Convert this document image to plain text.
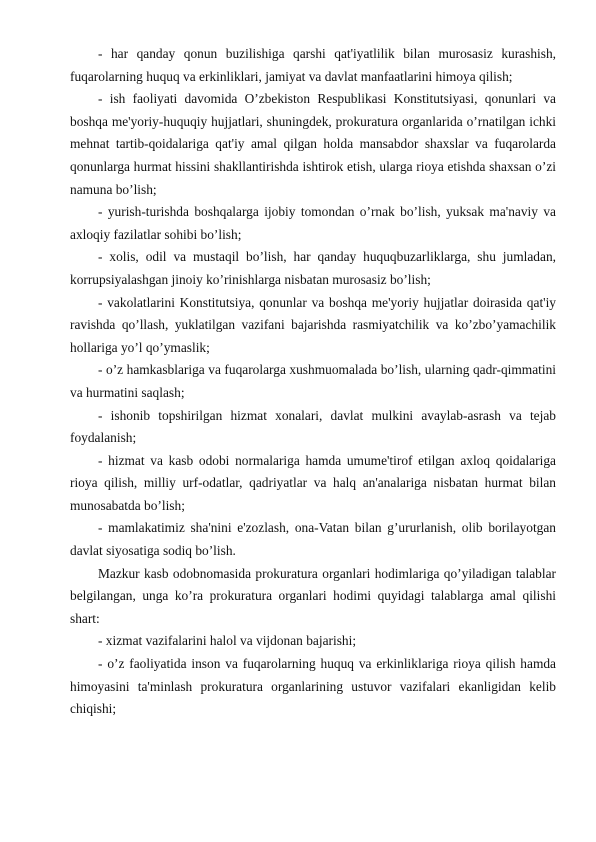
- har qanday qonun buzilishiga qarshi qat'iyatlilik bilan murosasiz kurashish, fuqarolarning huquq va erkinliklari, jamiyat va davlat manfaatlarini himoya qilish;

- ish faoliyati davomida O’zbekiston Respublikasi Konstitutsiyasi, qonunlari va boshqa me'yoriy-huquqiy hujjatlari, shuningdek, prokuratura organlarida o’rnatilgan ichki mehnat tartib-qoidalariga qat'iy amal qilgan holda mansabdor shaxslar va fuqarolarda qonunlarga hurmat hissini shakllantirishda ishtirok etish, ularga rioya etishda shaxsan o’zi namuna bo’lish;

- yurish-turishda boshqalarga ijobiy tomondan o’rnak bo’lish, yuksak ma'naviy va axloqiy fazilatlar sohibi bo’lish;

- xolis, odil va mustaqil bo’lish, har qanday huquqbuzarliklarga, shu jumladan, korrupsiyalashgan jinoiy ko’rinishlarga nisbatan murosasiz bo’lish;

- vakolatlarini Konstitutsiya, qonunlar va boshqa me'yoriy hujjatlar doirasida qat'iy ravishda qo’llash, yuklatilgan vazifani bajarishda rasmiyatchilik va ko’zbo’yamachilik hollariga yo’l qo’ymaslik;

- o’z hamkasblariga va fuqarolarga xushmuomalada bo’lish, ularning qadr-qimmatini va hurmatini saqlash;

- ishonib topshirilgan hizmat xonalari, davlat mulkini avaylab-asrash va tejab foydalanish;

- hizmat va kasb odobi normalariga hamda umume'tirof etilgan axloq qoidalariga rioya qilish, milliy urf-odatlar, qadriyatlar va halq an'analariga nisbatan hurmat bilan munosabatda bo’lish;

- mamlakatimiz sha'nini e'zozlash, ona-Vatan bilan g’ururlanish, olib borilayotgan davlat siyosatiga sodiq bo’lish.

Mazkur kasb odobnomasida prokuratura organlari hodimlariga qo’yiladigan talablar belgilangan, unga ko’ra prokuratura organlari hodimi quyidagi talablarga amal qilishi shart:

- xizmat vazifalarini halol va vijdonan bajarishi;

- o’z faoliyatida inson va fuqarolarning huquq va erkinliklariga rioya qilish hamda himoyasini ta'minlash prokuratura organlarining ustuvor vazifalari ekanligidan kelib chiqishi;
